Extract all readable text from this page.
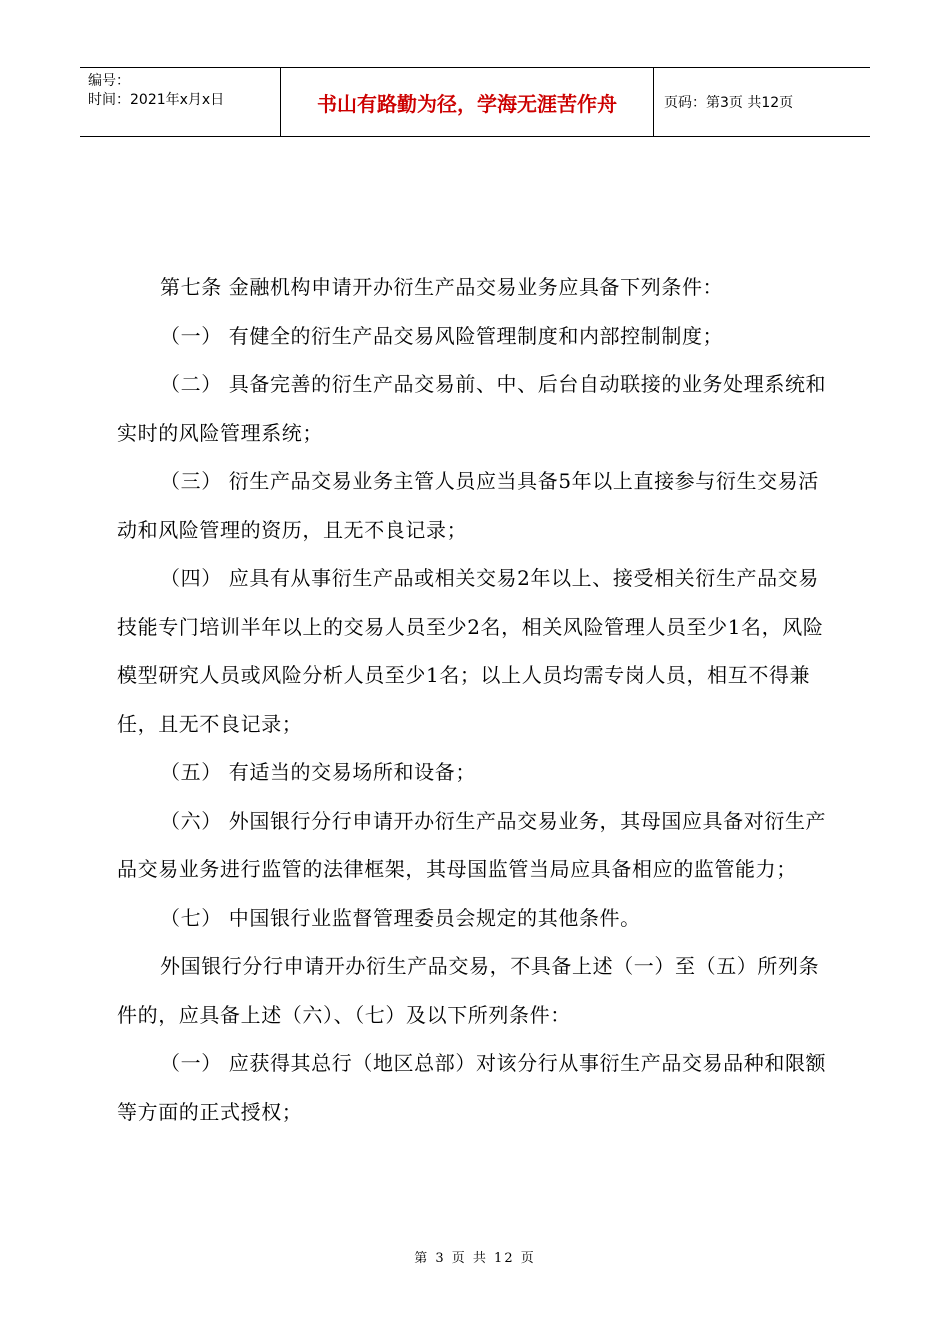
编号：
时间：2021年x月x日	书山有路勤为径，学海无涯苦作舟	页码：第3页 共12页

第七条 金融机构申请开办衍生产品交易业务应具备下列条件：

（一） 有健全的衍生产品交易风险管理制度和内部控制制度；

（二） 具备完善的衍生产品交易前、中、后台自动联接的业务处理系统和实时的风险管理系统；

（三） 衍生产品交易业务主管人员应当具备5年以上直接参与衍生交易活动和风险管理的资历，且无不良记录；

（四） 应具有从事衍生产品或相关交易2年以上、接受相关衍生产品交易技能专门培训半年以上的交易人员至少2名，相关风险管理人员至少1名，风险模型研究人员或风险分析人员至少1名；以上人员均需专岗人员，相互不得兼任，且无不良记录；

（五） 有适当的交易场所和设备；

（六） 外国银行分行申请开办衍生产品交易业务，其母国应具备对衍生产品交易业务进行监管的法律框架，其母国监管当局应具备相应的监管能力；

（七） 中国银行业监督管理委员会规定的其他条件。

外国银行分行申请开办衍生产品交易，不具备上述（一）至（五）所列条件的，应具备上述（六）、（七）及以下所列条件：

（一） 应获得其总行（地区总部）对该分行从事衍生产品交易品种和限额等方面的正式授权；

第 3 页 共 12 页
